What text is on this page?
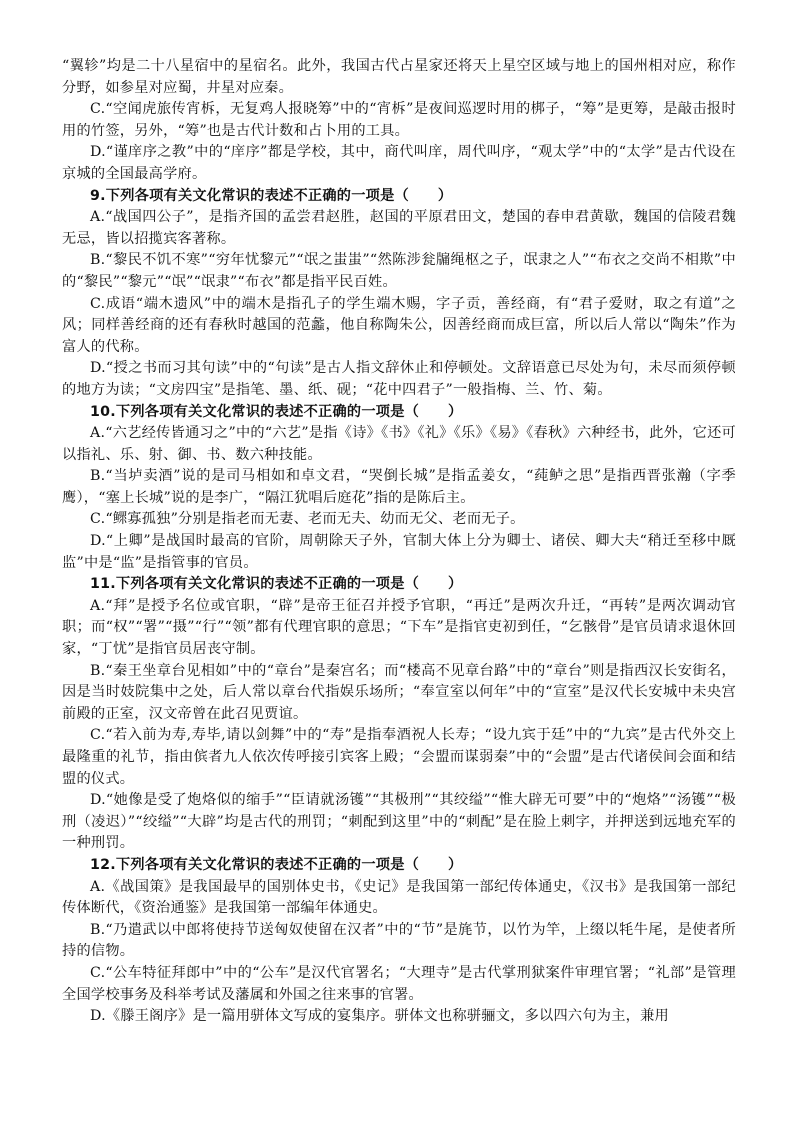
“翼轸”均是二十八星宿中的星宿名。此外，我国古代占星家还将天上星空区域与地上的国州相对应，称作分野，如参星对应蜀，井星对应秦。

C.“空闻虎旅传宵柝，无复鸡人报晓筹”中的“宵柝”是夜间巡逻时用的梆子，“筹”是更筹，是敲击报时用的竹签，另外，“筹”也是古代计数和占卜用的工具。

D.“谨庠序之教”中的“庠序”都是学校，其中，商代叫庠，周代叫序，“观太学”中的“太学”是古代设在京城的全国最高学府。

9.下列各项有关文化常识的表述不正确的一项是（　　）

A.“战国四公子”，是指齐国的孟尝君赵胜，赵国的平原君田文，楚国的春申君黄歇，魏国的信陵君魏无忌，皆以招揽宾客著称。

B.“黎民不饥不寒”“穷年忧黎元”“氓之蚩蚩”“然陈涉瓮牖绳枢之子，氓隶之人”“布衣之交尚不相欺”中的“黎民”“黎元”“氓”“氓隶”“布衣”都是指平民百姓。

C.成语“端木遗风”中的端木是指孔子的学生端木赐，字子贡，善经商，有“君子爱财，取之有道”之风；同样善经商的还有春秋时越国的范蠡，他自称陶朱公，因善经商而成巨富，所以后人常以“陶朱”作为富人的代称。

D.“授之书而习其句读”中的“句读”是古人指文辞休止和停顿处。文辞语意已尽处为句，未尽而须停顿的地方为读；“文房四宝”是指笔、墨、纸、砚；“花中四君子”一般指梅、兰、竹、菊。

10.下列各项有关文化常识的表述不正确的一项是（　　）

A.“六艺经传皆通习之”中的“六艺”是指《诗》《书》《礼》《乐》《易》《春秋》六种经书，此外，它还可以指礼、乐、射、御、书、数六种技能。

B.“当垆卖酒”说的是司马相如和卓文君，“哭倒长城”是指孟姜女，“莼鲈之思”是指西晋张瀚（字季鹰），“塞上长城”说的是李广，“隔江犹唱后庭花”指的是陈后主。

C.“鳏寡孤独”分别是指老而无妻、老而无夫、幼而无父、老而无子。

D.“上卿”是战国时最高的官阶，周朝除天子外，官制大体上分为卿士、诸侯、卿大夫“稍迁至移中厩监”中是“监”是指管事的官员。

11.下列各项有关文化常识的表述不正确的一项是（　　）

A.“拜”是授予名位或官职，“辟”是帝王征召并授予官职，“再迁”是两次升迁，“再转”是两次调动官职；而“权”“署”“摄”“行”“领”都有代理官职的意思；“下车”是指官吏初到任，“乞骸骨”是官员请求退休回家，“丁忧”是指官员居丧守制。

B.“秦王坐章台见相如”中的“章台”是秦宫名；而“楼高不见章台路”中的“章台”则是指西汉长安街名，因是当时妓院集中之处，后人常以章台代指娱乐场所；“奉宣室以何年”中的“宣室”是汉代长安城中未央宫前殿的正室，汉文帝曾在此召见贾谊。

C.“若入前为寿,寿毕,请以剑舞”中的“寿”是指奉酒祝人长寿；“设九宾于廷”中的“九宾”是古代外交上最隆重的礼节，指由傧者九人依次传呼接引宾客上殿；“会盟而谋弱秦”中的“会盟”是古代诸侯间会面和结盟的仪式。

D.“她像是受了炮烙似的缩手”“臣请就汤镬”“其极刑”“其绞缢”“惟大辟无可要”中的“炮烙”“汤镬”“极刑（凌迟）”“绞缢”“大辟”均是古代的刑罚；“刺配到这里”中的“刺配”是在脸上刺字，并押送到远地充军的一种刑罚。

12.下列各项有关文化常识的表述不正确的一项是（　　）

A.《战国策》是我国最早的国别体史书，《史记》是我国第一部纪传体通史，《汉书》是我国第一部纪传体断代，《资治通鉴》是我国第一部编年体通史。

B.“乃遣武以中郎将使持节送匈奴使留在汉者”中的“节”是旄节，以竹为竿，上缀以牦牛尾，是使者所持的信物。

C.“公车特征拜郎中”中的“公车”是汉代官署名；“大理寺”是古代掌刑狱案件审理官署；“礼部”是管理全国学校事务及科举考试及藩属和外国之往来事的官署。

D.《滕王阁序》是一篇用骈体文写成的宴集序。骈体文也称骈骊文，多以四六句为主，兼用
